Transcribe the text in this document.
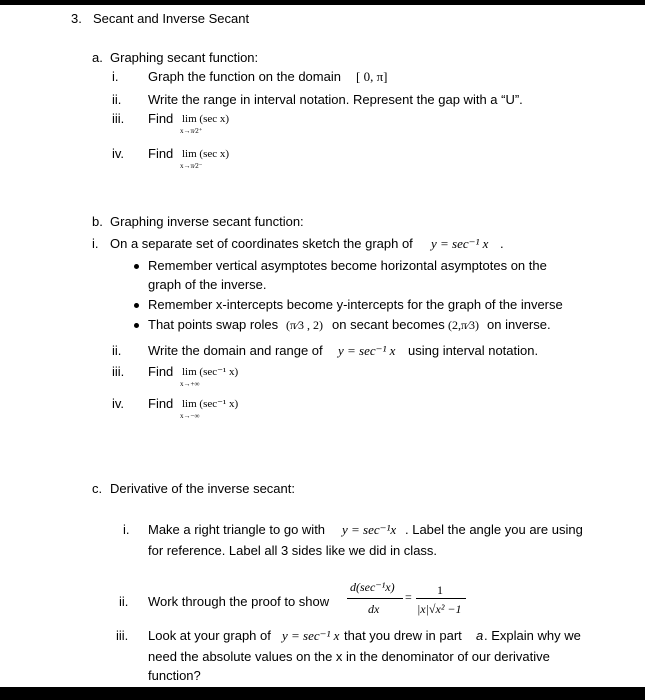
3. Secant and Inverse Secant
a. Graphing secant function:
i. Graph the function on the domain [ 0, π]
ii. Write the range in interval notation. Represent the gap with a “U”.
iii. Find lim (sec x)
x→π⁄2⁺
iv. Find lim (sec x)
x→π⁄2⁻
b. Graphing inverse secant function:
i. On a separate set of coordinates sketch the graph of y = sec⁻¹ x .
Remember vertical asymptotes become horizontal asymptotes on the
graph of the inverse.
Remember x-intercepts become y-intercepts for the graph of the inverse
That points swap roles (π⁄3 , 2) on secant becomes (2,π⁄3) on inverse.
ii. Write the domain and range of y = sec⁻¹ x using interval notation.
iii. Find lim (sec⁻¹ x)
x→+∞
iv. Find lim (sec⁻¹ x)
x→−∞
c. Derivative of the inverse secant:
i. Make a right triangle to go with y = sec⁻¹x . Label the angle you are using
for reference. Label all 3 sides like we did in class.
ii. Work through the proof to show
d(sec⁻¹x)
dx
= 1
|x|√x² −1
iii. Look at your graph of y = sec⁻¹ x that you drew in part a . Explain why we
need the absolute values on the x in the denominator of our derivative
function?
